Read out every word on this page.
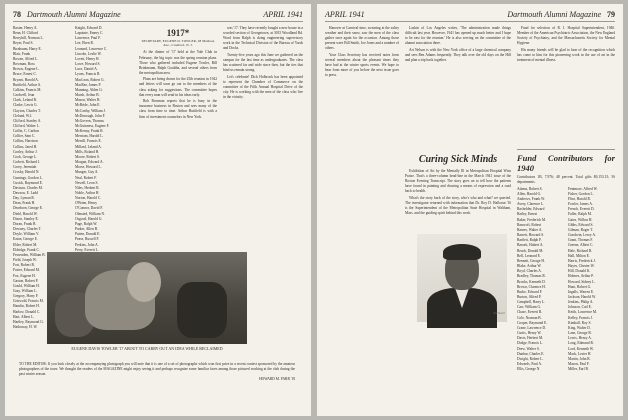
78 Dartmouth Alumni Magazine	APRIL 1941
Baxter, Henry A.
Bean, H. Clifford
Berryhill, Norman L.
Beyer, Paul S.
Birnbaum, Harry E.
Blair, Frank
Bowen, Alfred L.
Bowman, Ross
Brown, Eugene L.
Bruce, Ernest C.
Bryant, Harold A.
Buttfield, Arthur A.
Calkins, Francis M.
Cardwell, Jean
Clark, Leland R.
Clarke, Lewis G.
Clayton, Charles T.
Cleland, W.J.
Clifford, Stanley A.
Clifford, Walter L.
Coffin, C. Carlton
Collier, Sam C.
Collins, Harrison
Collins, Jared H.
Conley, Arthur J.
Cook, George L.
Corbett, Richard J.
Corey, Jeremiah
Crosby, Harold N.
Cumings, Gordon L.
Cusick, Raymond E.
Davison, Charles M.
Dawson, E. Ladd
Day, Lyman R.
Dean, Frank H.
Dearborn, George E.
Diehl, Harold W.
Dixon, Stanley E.
Doran, Frank B.
Downey, Charles T.
Doyle, William V.
Eaton, George E.
Elder, Robert M.
Eldridge, Frank C.
Fessenden, William B.
Field, Joseph W.
Fort, Robert B.
Foster, Edward M.
Fox, Eugene H.
Gaston, Robert P.
Gould, William H.
Gray, William L.
Gregory, Harry F.
Griswold, Francis M.
Hamlin, Robert H.
Harlow, Donald C.
Hart, Albert L.
Hartley, Raymond G.
Hathaway, H. W.
Knight, Edward D.
Lapointe, Emery C.
Lawrence, Paul F.
Lee, Eben R.
Leonard, Lawrence C.
Lincoln, Leslie W.
Lovett, Henry H.
Lowe, Howard S.
Luce, Daniel A.
Lyons, Francis B.
MacLean, Robert G.
MacRae, James P.
Manning, Alden G.
Marsh, Arthur B.
Mason, Walter H.
McBride, John E.
McCarthy, William J.
McDonough, John F.
McGovern, Thomas
McGuinness, Eugene F.
McKenny, Frank R.
Merriam, Harold L.
Merrill, Francis E.
Millard, Leland A.
Mills, Roland H.
Moore, Robert S.
Morgan, Edward A.
Morse, Howard L.
Munger, Guy A.
Neal, Robert F.
Newell, Leon S.
Niles, Herbert R.
Noble, Arthur H.
Norton, Harold C.
O'Brien, Henry
O'Connor, David F.
Olmsted, William N.
Osgood, Harold G.
Page, Ralph W.
Parker, Allen B.
Patten, Donald E.
Pease, Russell F.
Perkins, John A.
Perry, Everett L.
1917*
SECRETARY, EUGENE D. TOWLER, 28 Madison Ave., Cranford, N. J.

At the dinner of '17 held at the Yale Club in February, the big topic was the spring reunion plans. Those who gathered included Eugene Towler, Bill Brinkmann, Ralph Gouldin, and several others from the metropolitan area.

Plans are being drawn for the 25th reunion in 1942 and letters will soon go out to the members of the class asking for suggestions. The committee hopes that every man will send in his ideas early.

Bob Bowman reports that he is busy in the insurance business in Boston and sees many of the class from time to time. Arthur Buttfield is with a firm of investment counselors in New York.

was '17. They have recently bought a new house in a wooded section of Georgetown, at 3015 Woodland Rd. Word from Ralph is doing engineering supervisory work in the Technical Division of the Bureau of Yards and Docks.

Twenty-five years ago this June we gathered on the campus for the last time as undergraduates. The class has scattered far and wide since then, but the ties that bind us remain strong.

Let's celebrate! Dick Holbrook has been appointed to represent the Chamber of Commerce on the committee of the Fifth Annual Hospital Drive of the city. He is working with the men of the class who live in the vicinity.

EUGENE DAVIS TOWLER '17 ABOUT TO CARRY OUT AN IDEA WHILE RECLAIMED
TO THE EDITOR: If you look closely at the accompanying photograph you will note that it is one of a set of photographs which won first prize in a recent contest sponsored by the amateur photographers of the town. We thought the readers of the MAGAZINE might enjoy seeing it and perhaps recognize some familiar faces among those pictured working at the club during the past winter season.
HOWARD M. FARR '18
APRIL 1941	Dartmouth Alumni Magazine 79

Hanover at Carnival time, swearing at the sultry weather and their snow, saw the men of the class gather once again for the occasion. Among those present were Bill Smith, Joe Jones and a number of others.

Your Class Secretary has received notes from several members about the pleasant times they have had at the winter sports events. We hope to hear from more of you before the next issue goes to press.

Laskin of Los Angeles writes, 'The administration made things difficult last year. However, 1941 has opened up much better and I hope to be east for the reunion.' He is also serving on the committee of the alumni association there.

Art Nelson is with the New York office of a large chemical company and sees Ben Adams frequently. They talk over the old days on the Hill and plan a trip back together.

Curing Sick Minds

Exhibition of Art by the Mentally Ill in Metropolitan Hospital Wins Praise. That's a three-column head-line in the March 1941 issue of the Boston Evening Transcript. The story goes on to tell how the patients have found in painting and drawing a means of expression and a road back to health.

What's the story back of the story, who's who and what? we queried. The investigator returned with information that Dr. Roy D. Halloran '16 is the Superintendent of the Metropolitan State Hospital in Waltham, Mass. and the guiding spirit behind this work.

Bachrach

Fund for selection of R. I. Hospital Superintendent, 1940. Member of the American Psychiatric Association, the New England Society of Psychiatry, and the Massachusetts Society for Mental Hygiene.

His many friends will be glad to hear of the recognition which has come to him for this pioneering work in the use of art in the treatment of mental illness.

Fund Contributors for 1940
Contributors 1B, 7,976; 48 percent. Total gifts $9,153.15; 56 departments.
Adams, Robert S.
Allen, Harold G.
Andrews, Frank W.
Avery, Clarence L.
Bachelder, Edward
Bailey, Ernest
Baker, Frederick M.
Bancroft, Robert
Barnes, Walter A.
Barrett, Howard S.
Bartlett, Ralph P.
Bassett, Hubert A.
Beach, Donald M.
Bell, Leonard E.
Bennett, George H.
Blake, Arthur W.
Boyd, Charles A.
Bradley, Thomas R.
Brooks, Kenneth D.
Brown, Clarence H.
Burke, Edward F.
Burton, Alfred P.
Campbell, Harry L.
Carr, William G.
Chase, Everett R.
Cole, Norman B.
Cooper, Raymond E.
Crane, Lawrence D.
Curtis, Henry W.
Davis, Herbert M.
Dodge, Francis L.
Drew, Walter S.
Dunbar, Charles E.
Dwight, Robert L.
Edwards, Paul A.
Ellis, George N.
Fenimore, Alfred W.
Fisher, Gordon L.
Flint, Harold R.
Fowler, James A.
French, Everett D.
Fuller, Ralph M.
Gates, Wilbur H.
Gibbs, Edward S.
Gilman, Roger T.
Goodwin, Leroy A.
Grant, Thomas F.
Greene, Albert C.
Hale, Richard B.
Hall, Milton E.
Harris, Frederick J.
Hayes, Chester W.
Hill, Donald K.
Holmes, Arthur P.
Howard, Sidney L.
Hunt, Robert G.
Ingalls, Warren E.
Jackson, Harold W.
Jenkins, Philip A.
Johnson, Carl E.
Keith, Lawrence M.
Kelley, Francis J.
Kimball, Roy S.
King, Walter D.
Lane, George B.
Lewis, Henry A.
Long, Edmund R.
Lord, Kenneth W.
Mack, Lester H.
Martin, John R.
Mason, Paul F.
Miller, Earl B.
